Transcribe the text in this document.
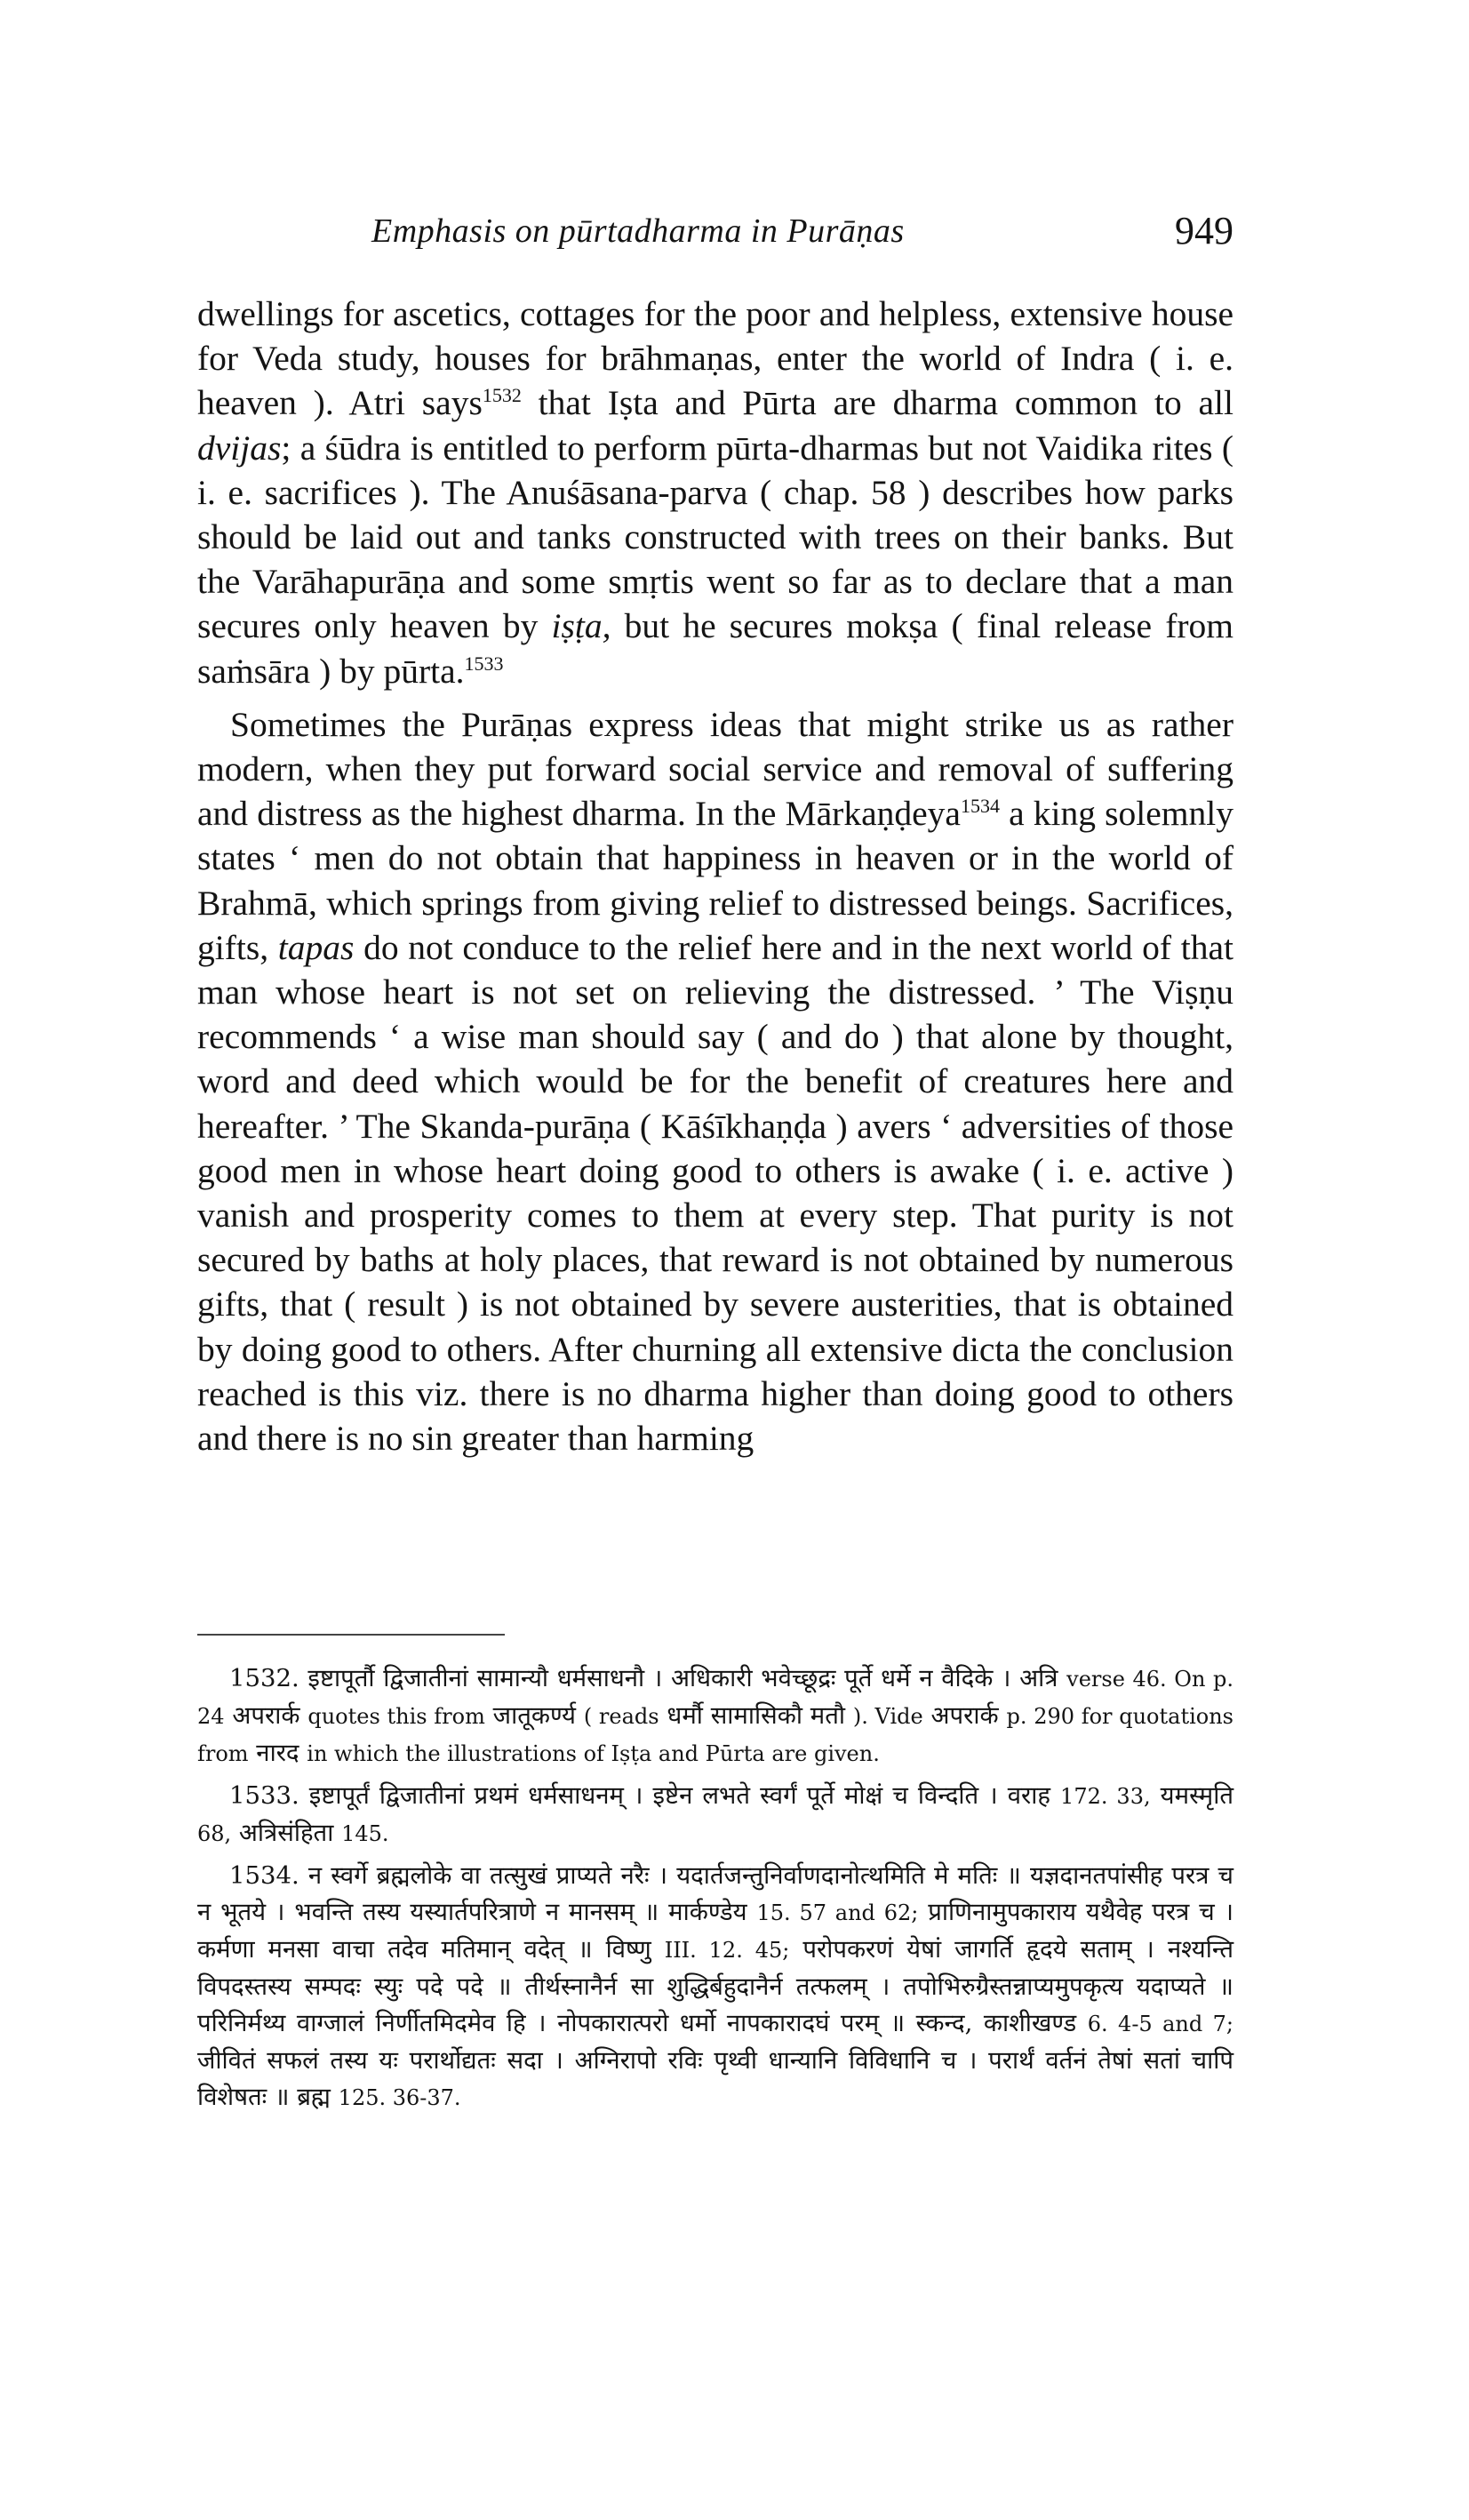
Emphasis on pūrtadharma in Purāṇas	949

dwellings for ascetics, cottages for the poor and helpless, extensive house for Veda study, houses for brāhmaṇas, enter the world of Indra ( i. e. heaven ). Atri says$^{1532}$ that Iṣta and Pūrta are dharma common to all dvijas; a śūdra is entitled to perform pūrta-dharmas but not Vaidika rites ( i. e. sacrifices ). The Anuśāsana-parva ( chap. 58 ) describes how parks should be laid out and tanks constructed with trees on their banks. But the Varāhapurāṇa and some smṛtis went so far as to declare that a man secures only heaven by iṣṭa, but he secures mokṣa ( final release from saṁsāra ) by pūrta.$^{1533}$

Sometimes the Purāṇas express ideas that might strike us as rather modern, when they put forward social service and removal of suffering and distress as the highest dharma. In the Mārkaṇḍeya$^{1534}$ a king solemnly states ‘ men do not obtain that happiness in heaven or in the world of Brahmā, which springs from giving relief to distressed beings. Sacrifices, gifts, tapas do not conduce to the relief here and in the next world of that man whose heart is not set on relieving the distressed. ’ The Viṣṇu recommends ‘ a wise man should say ( and do ) that alone by thought, word and deed which would be for the benefit of creatures here and hereafter. ’ The Skanda-purāṇa ( Kāśīkhaṇḍa ) avers ‘ adversities of those good men in whose heart doing good to others is awake ( i. e. active ) vanish and prosperity comes to them at every step. That purity is not secured by baths at holy places, that reward is not obtained by numerous gifts, that ( result ) is not obtained by severe austerities, that is obtained by doing good to others. After churning all extensive dicta the conclusion reached is this viz. there is no dharma higher than doing good to others and there is no sin greater than harming

1532. इष्टापूर्तौ द्विजातीनां सामान्यौ धर्मसाधनौ । अधिकारी भवेच्छूद्रः पूर्ते धर्मे न वैदिके । अत्रि verse 46. On p. 24 अपरार्क quotes this from जातूकर्ण्य ( reads धर्मौ सामासिकौ मतौ ). Vide अपरार्क p. 290 for quotations from नारद in which the illustrations of Iṣṭa and Pūrta are given.

1533. इष्टापूर्तं द्विजातीनां प्रथमं धर्मसाधनम् । इष्टेन लभते स्वर्गं पूर्ते मोक्षं च विन्दति । वराह 172. 33, यमस्मृति 68, अत्रिसंहिता 145.

1534. न स्वर्गे ब्रह्मलोके वा तत्सुखं प्राप्यते नरैः । यदार्तजन्तुनिर्वाणदानोत्थमिति मे मतिः ॥ यज्ञदानतपांसीह परत्र च न भूतये । भवन्ति तस्य यस्यार्तपरित्राणे न मानसम् ॥ मार्कण्डेय 15. 57 and 62; प्राणिनामुपकाराय यथैवेह परत्र च । कर्मणा मनसा वाचा तदेव मतिमान् वदेत् ॥ विष्णु III. 12. 45; परोपकरणं येषां जागर्ति हृदये सताम् । नश्यन्ति विपदस्तस्य सम्पदः स्युः पदे पदे ॥ तीर्थस्नानैर्न सा शुद्धिर्बहुदानैर्न तत्फलम् । तपोभिरुग्रैस्तन्नाप्यमुपकृत्य यदाप्यते ॥ परिनिर्मथ्य वाग्जालं निर्णीतमिदमेव हि । नोपकारात्परो धर्मो नापकारादघं परम् ॥ स्कन्द, काशीखण्ड 6. 4-5 and 7; जीवितं सफलं तस्य यः परार्थोद्यतः सदा । अग्निरापो रविः पृथ्वी धान्यानि विविधानि च । परार्थं वर्तनं तेषां सतां चापि विशेषतः ॥ ब्रह्म 125. 36-37.
